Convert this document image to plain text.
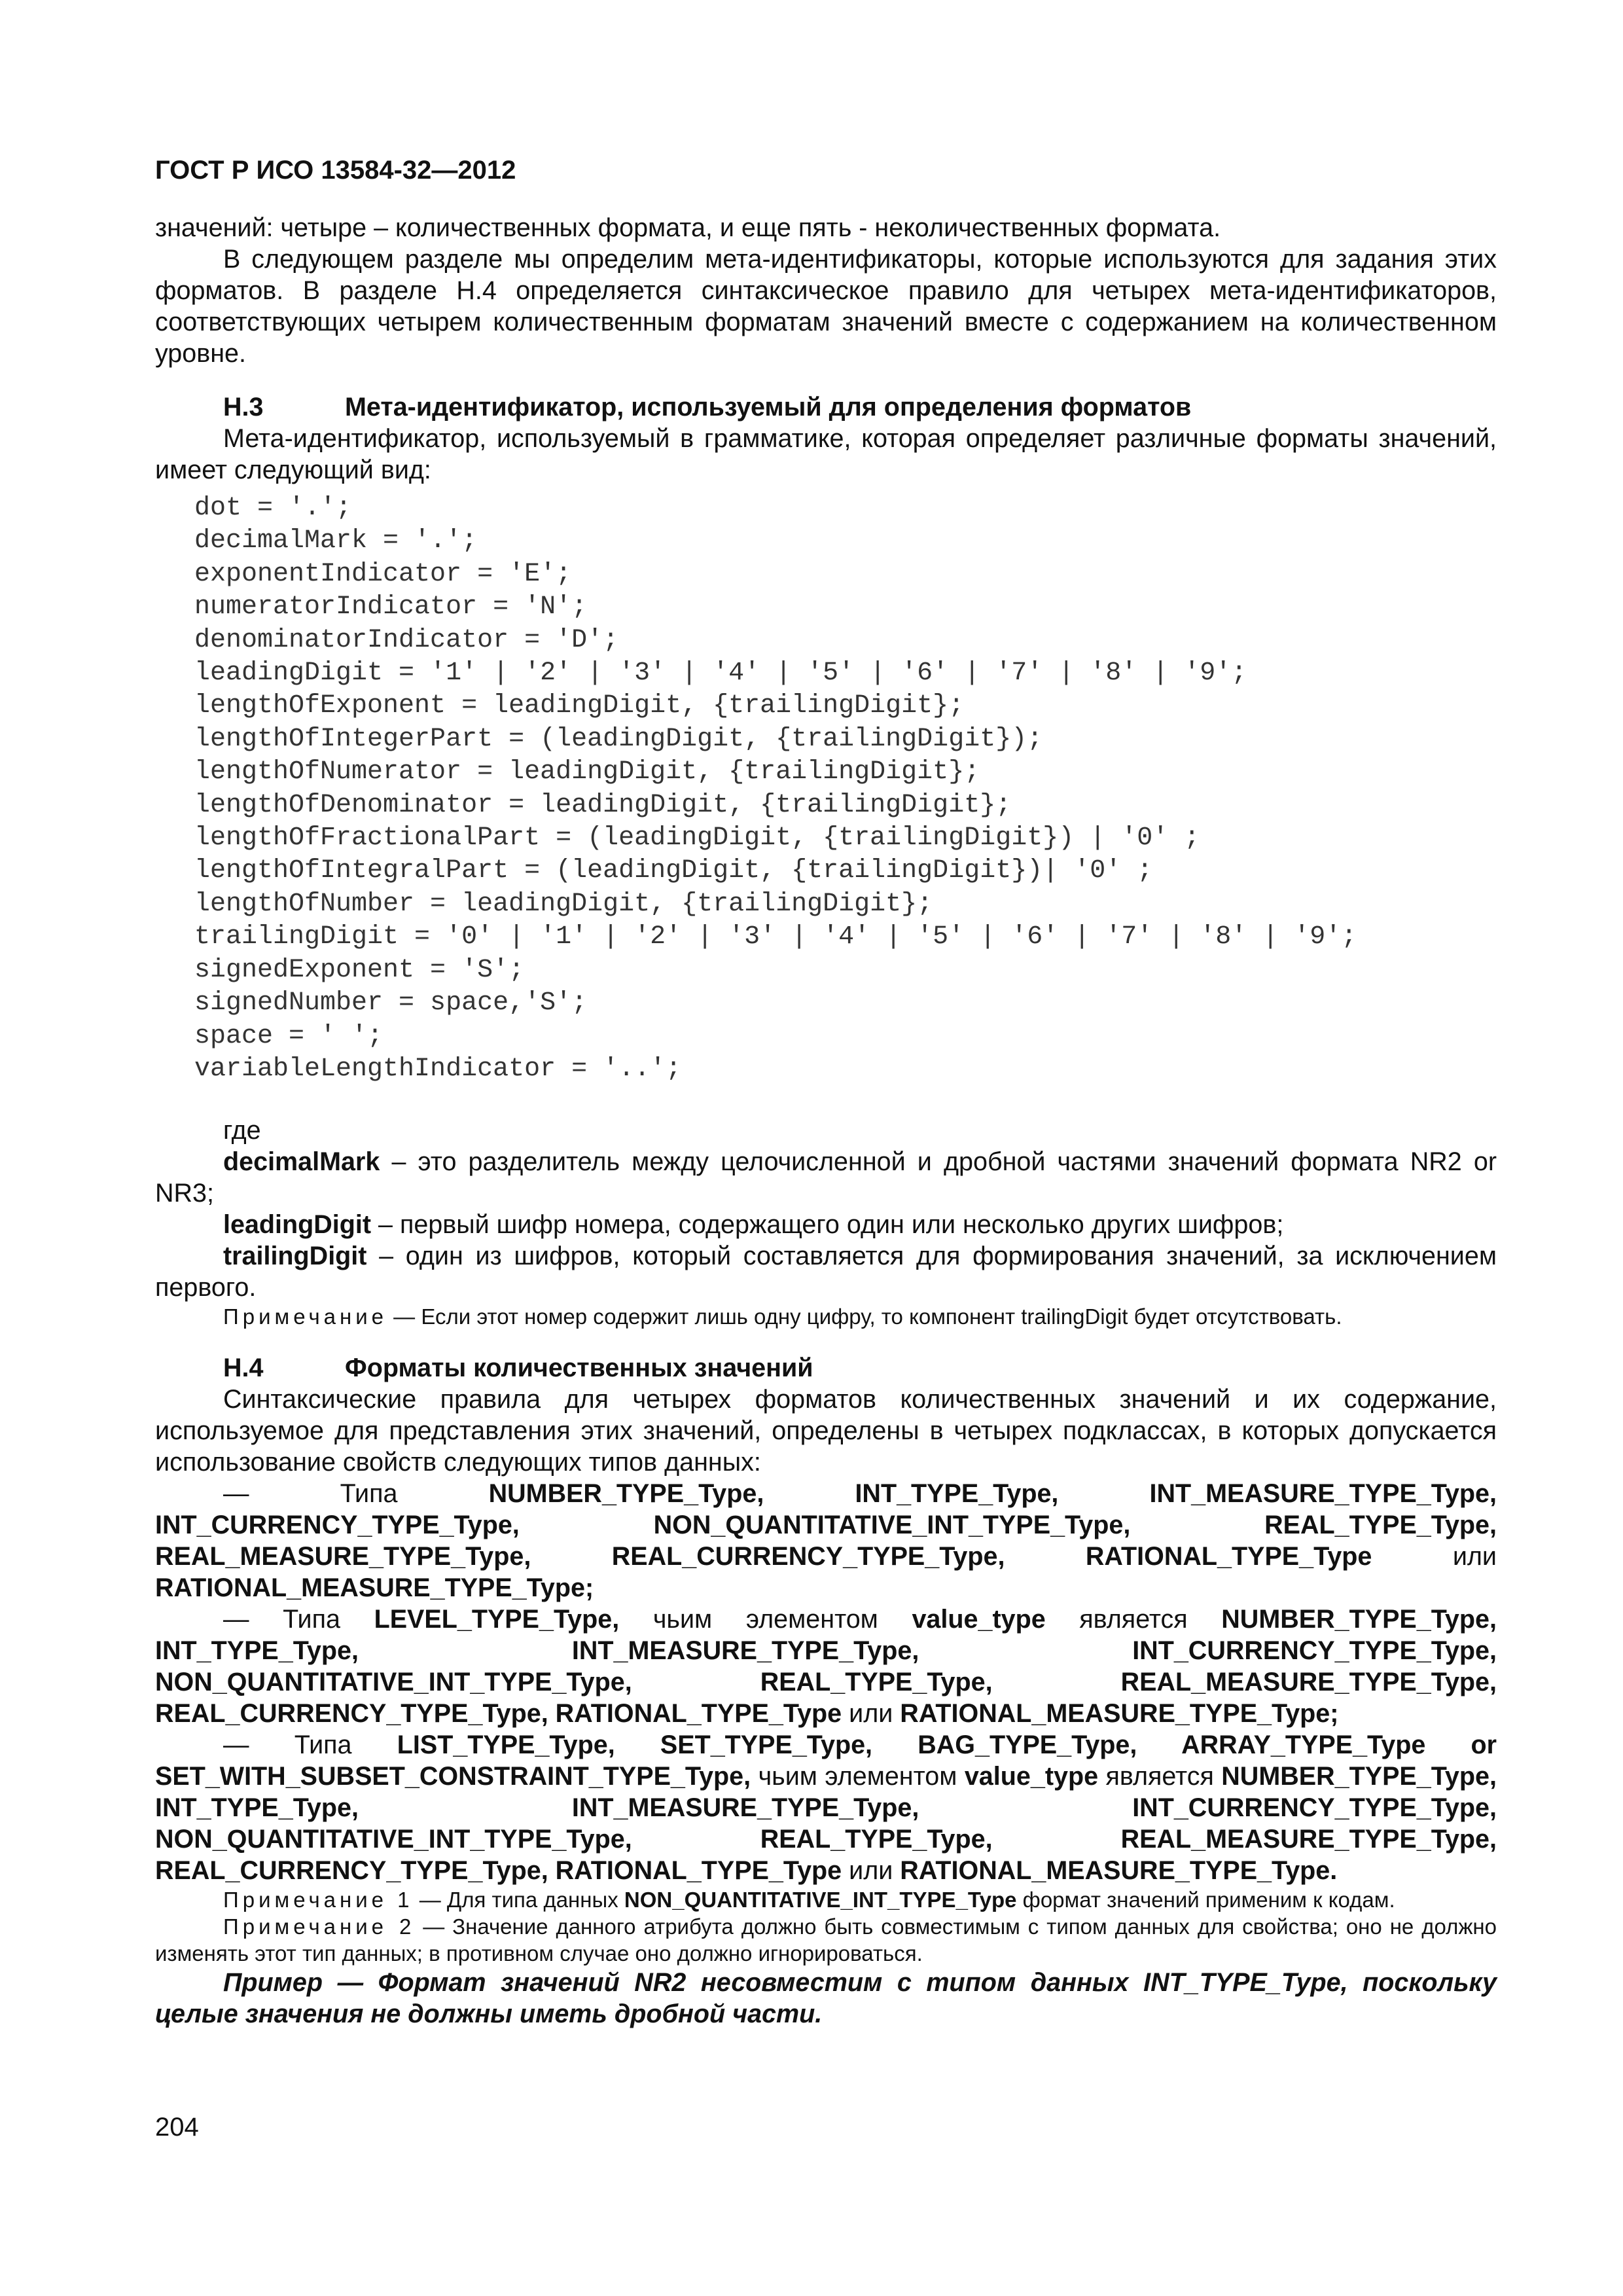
ГОСТ Р ИСО 13584-32—2012

значений: четыре – количественных формата, и еще пять - неколичественных формата.

В следующем разделе мы определим мета-идентификаторы, которые используются для задания этих форматов. В разделе Н.4 определяется синтаксическое правило для четырех мета-идентификаторов, соответствующих четырем количественным форматам значений вместе с содержанием на количественном уровне.

Н.3	Мета-идентификатор, используемый для определения форматов

Мета-идентификатор, используемый в грамматике, которая определяет различные форматы значений, имеет следующий вид:

dot = '.';
decimalMark = '.';
exponentIndicator = 'E';
numeratorIndicator = 'N';
denominatorIndicator = 'D';
leadingDigit = '1' | '2' | '3' | '4' | '5' | '6' | '7' | '8' | '9';
lengthOfExponent = leadingDigit, {trailingDigit};
lengthOfIntegerPart = (leadingDigit, {trailingDigit});
lengthOfNumerator = leadingDigit, {trailingDigit};
lengthOfDenominator = leadingDigit, {trailingDigit};
lengthOfFractionalPart = (leadingDigit, {trailingDigit}) | '0' ;
lengthOfIntegralPart = (leadingDigit, {trailingDigit})| '0' ;
lengthOfNumber = leadingDigit, {trailingDigit};
trailingDigit = '0' | '1' | '2' | '3' | '4' | '5' | '6' | '7' | '8' | '9';
signedExponent = 'S';
signedNumber = space,'S';
space = ' ';
variableLengthIndicator = '..';
где

decimalMark – это разделитель между целочисленной и дробной частями значений формата NR2 or NR3;

leadingDigit – первый шифр номера, содержащего один или несколько других шифров;

trailingDigit – один из шифров, который составляется для формирования значений, за исключением первого.

Примечание — Если этот номер содержит лишь одну цифру, то компонент trailingDigit будет отсутствовать.

Н.4	Форматы количественных значений

Синтаксические правила для четырех форматов количественных значений и их содержание, используемое для представления этих значений, определены в четырех подклассах, в которых допускается использование свойств следующих типов данных:

— Типа NUMBER_TYPE_Type, INT_TYPE_Type, INT_MEASURE_TYPE_Type, INT_CURRENCY_TYPE_Type, NON_QUANTITATIVE_INT_TYPE_Type, REAL_TYPE_Type, REAL_MEASURE_TYPE_Type, REAL_CURRENCY_TYPE_Type, RATIONAL_TYPE_Type или RATIONAL_MEASURE_TYPE_Type;

— Типа LEVEL_TYPE_Type, чьим элементом value_type является NUMBER_TYPE_Type, INT_TYPE_Type, INT_MEASURE_TYPE_Type, INT_CURRENCY_TYPE_Type, NON_QUANTITATIVE_INT_TYPE_Type, REAL_TYPE_Type, REAL_MEASURE_TYPE_Type, REAL_CURRENCY_TYPE_Type, RATIONAL_TYPE_Type или RATIONAL_MEASURE_TYPE_Type;

— Типа LIST_TYPE_Type, SET_TYPE_Type, BAG_TYPE_Type, ARRAY_TYPE_Type or SET_WITH_SUBSET_CONSTRAINT_TYPE_Type, чьим элементом value_type является NUMBER_TYPE_Type, INT_TYPE_Type, INT_MEASURE_TYPE_Type, INT_CURRENCY_TYPE_Type, NON_QUANTITATIVE_INT_TYPE_Type, REAL_TYPE_Type, REAL_MEASURE_TYPE_Type, REAL_CURRENCY_TYPE_Type, RATIONAL_TYPE_Type или RATIONAL_MEASURE_TYPE_Type.

Примечание 1 — Для типа данных NON_QUANTITATIVE_INT_TYPE_Type формат значений применим к кодам.

Примечание 2 — Значение данного атрибута должно быть совместимым с типом данных для свойства; оно не должно изменять этот тип данных; в противном случае оно должно игнорироваться.

Пример — Формат значений NR2 несовместим с типом данных INT_TYPE_Type, поскольку целые значения не должны иметь дробной части.

204
